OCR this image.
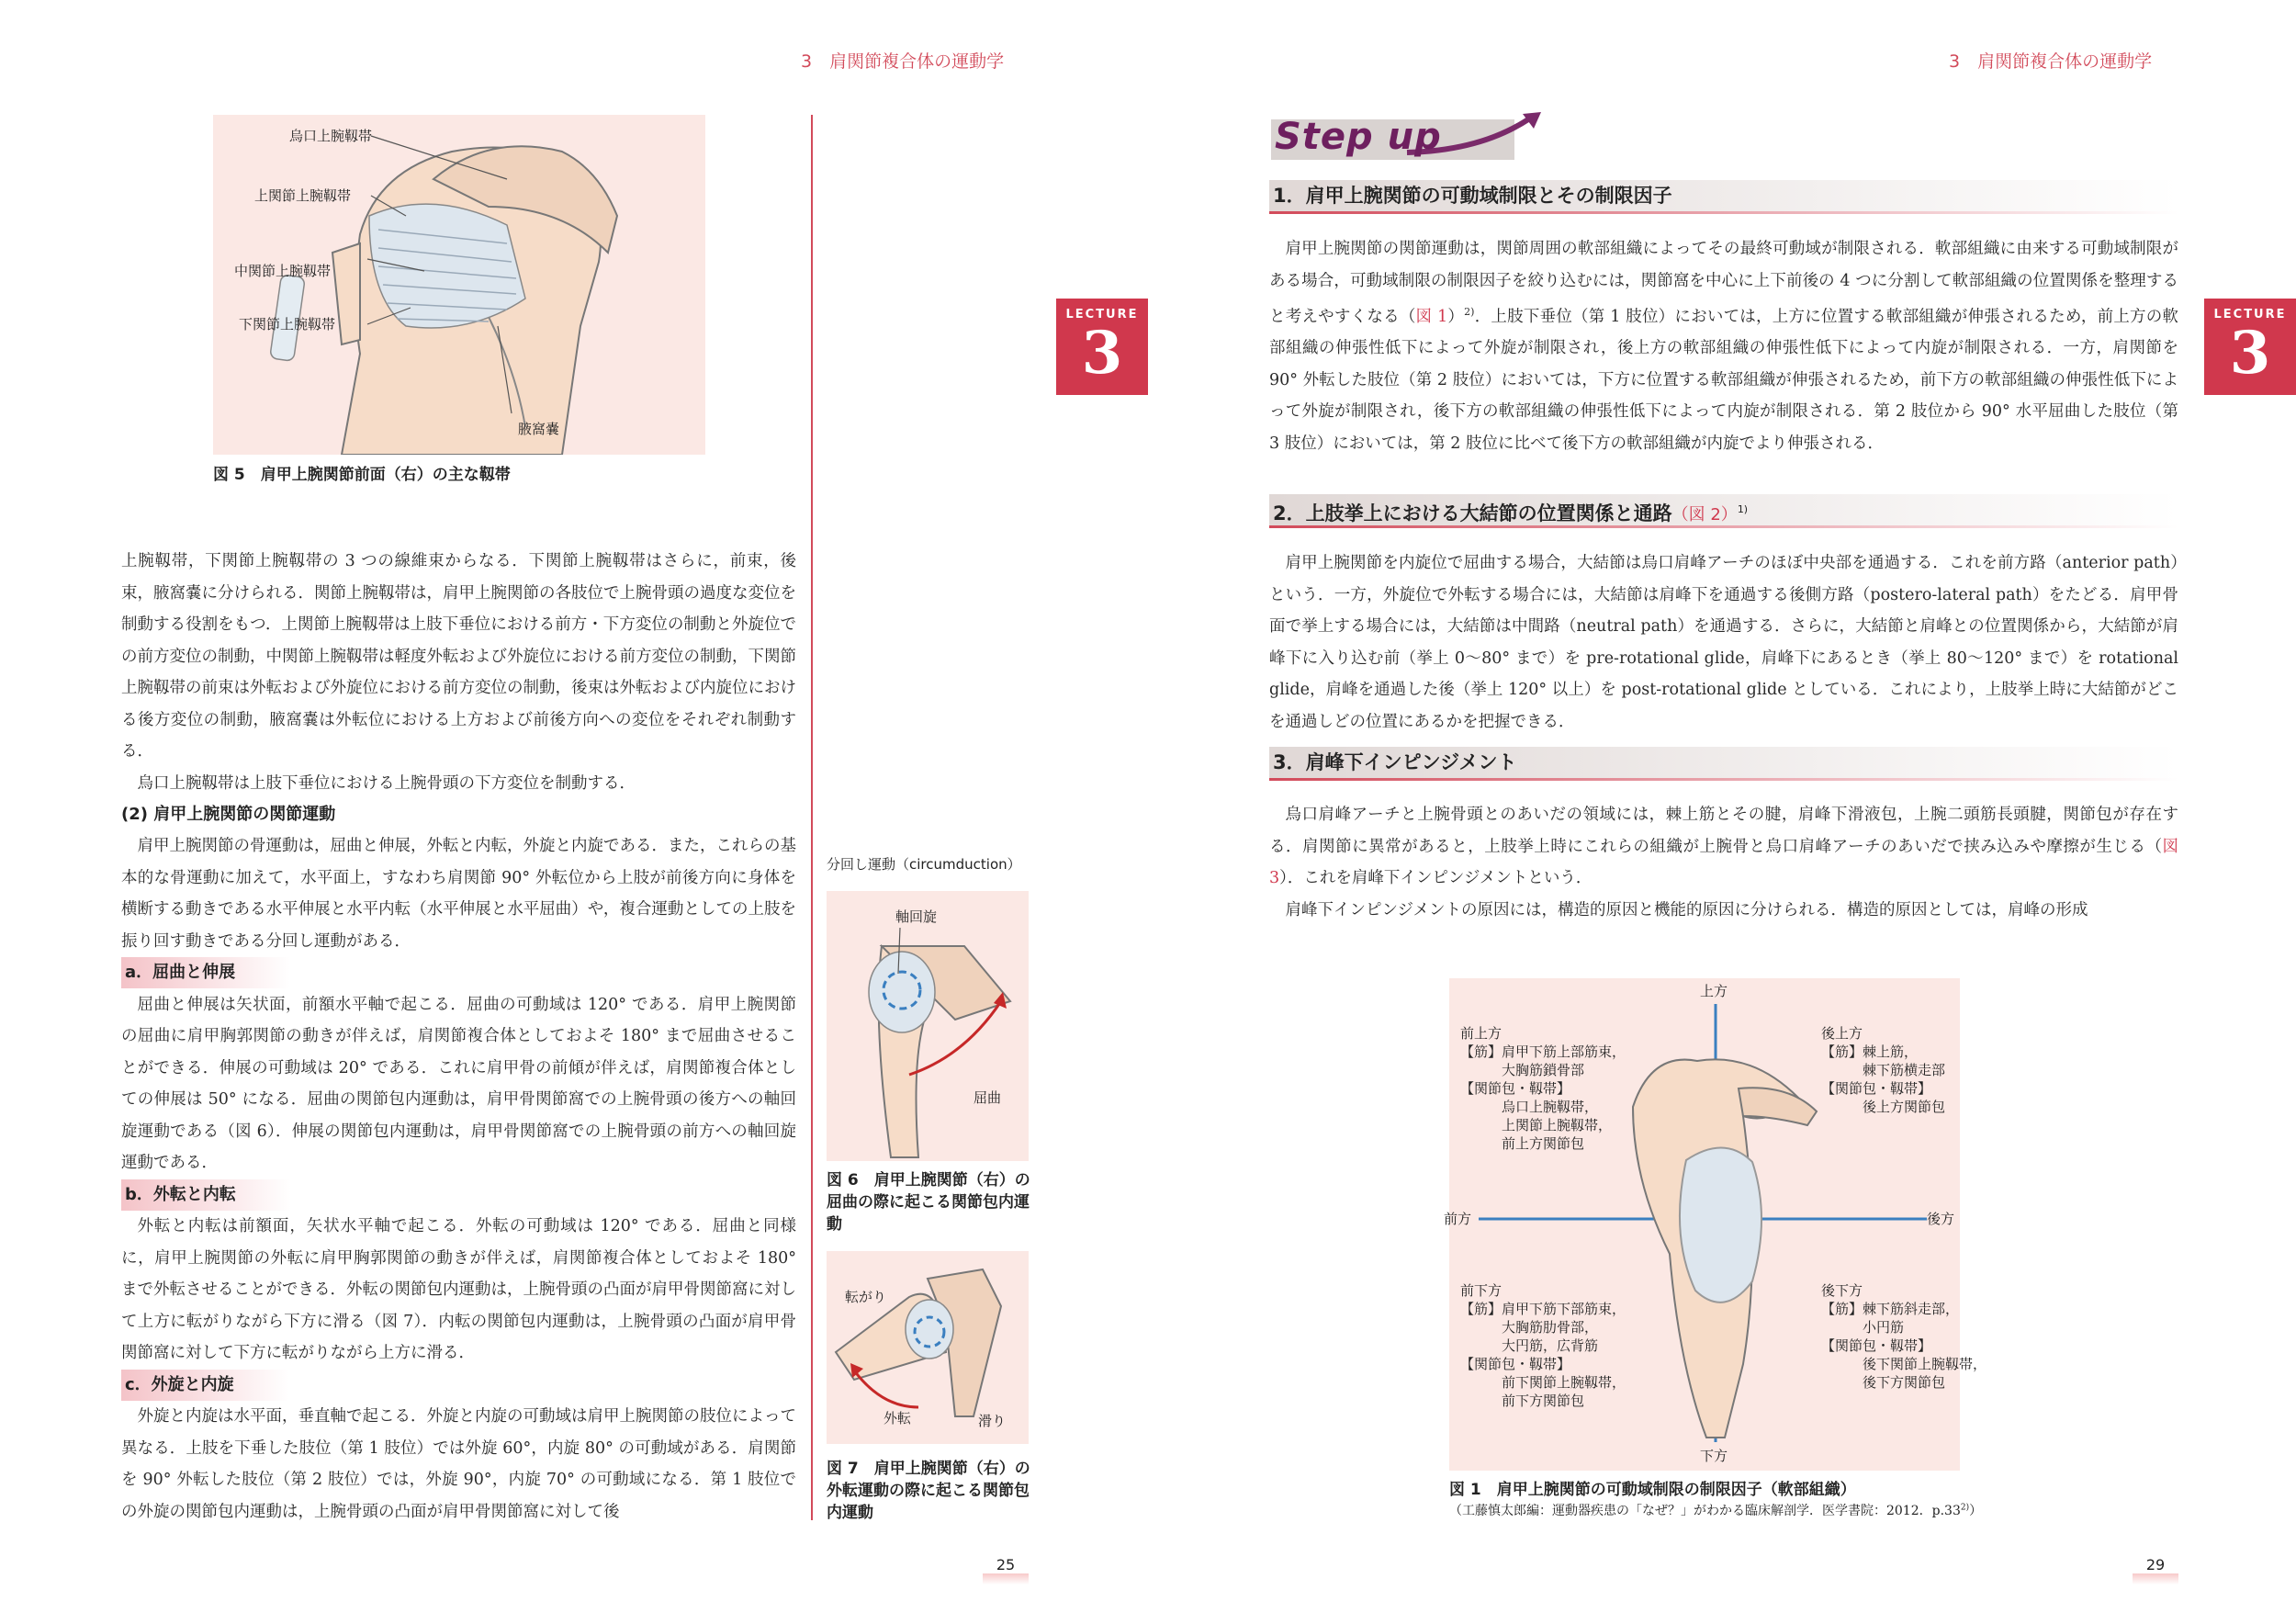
3　肩関節複合体の運動学
烏口上腕靱帯
上関節上腕靱帯
中関節上腕靱帯
下関節上腕靱帯
腋窩嚢
図 5　肩甲上腕関節前面（右）の主な靱帯

上腕靱帯，下関節上腕靱帯の 3 つの線維束からなる．下関節上腕靱帯はさらに，前束，後束，腋窩嚢に分けられる．関節上腕靱帯は，肩甲上腕関節の各肢位で上腕骨頭の過度な変位を制動する役割をもつ．上関節上腕靱帯は上肢下垂位における前方・下方変位の制動と外旋位での前方変位の制動，中関節上腕靱帯は軽度外転および外旋位における前方変位の制動，下関節上腕靱帯の前束は外転および外旋位における前方変位の制動，後束は外転および内旋位における後方変位の制動，腋窩嚢は外転位における上方および前後方向への変位をそれぞれ制動する．

烏口上腕靱帯は上肢下垂位における上腕骨頭の下方変位を制動する．

(2) 肩甲上腕関節の関節運動

肩甲上腕関節の骨運動は，屈曲と伸展，外転と内転，外旋と内旋である．また，これらの基本的な骨運動に加えて，水平面上，すなわち肩関節 90° 外転位から上肢が前後方向に身体を横断する動きである水平伸展と水平内転（水平伸展と水平屈曲）や，複合運動としての上肢を振り回す動きである分回し運動がある．

a．屈曲と伸展

屈曲と伸展は矢状面，前額水平軸で起こる．屈曲の可動域は 120° である．肩甲上腕関節の屈曲に肩甲胸郭関節の動きが伴えば，肩関節複合体としておよそ 180° まで屈曲させることができる．伸展の可動域は 20° である．これに肩甲骨の前傾が伴えば，肩関節複合体としての伸展は 50° になる．屈曲の関節包内運動は，肩甲骨関節窩での上腕骨頭の後方への軸回旋運動である（図 6）．伸展の関節包内運動は，肩甲骨関節窩での上腕骨頭の前方への軸回旋運動である．

b．外転と内転

外転と内転は前額面，矢状水平軸で起こる．外転の可動域は 120° である．屈曲と同様に，肩甲上腕関節の外転に肩甲胸郭関節の動きが伴えば，肩関節複合体としておよそ 180° まで外転させることができる．外転の関節包内運動は，上腕骨頭の凸面が肩甲骨関節窩に対して上方に転がりながら下方に滑る（図 7）．内転の関節包内運動は，上腕骨頭の凸面が肩甲骨関節窩に対して下方に転がりながら上方に滑る．

c．外旋と内旋

外旋と内旋は水平面，垂直軸で起こる．外旋と内旋の可動域は肩甲上腕関節の肢位によって異なる．上肢を下垂した肢位（第 1 肢位）では外旋 60°，内旋 80° の可動域がある．肩関節を 90° 外転した肢位（第 2 肢位）では，外旋 90°，内旋 70° の可動域になる．第 1 肢位での外旋の関節包内運動は，上腕骨頭の凸面が肩甲骨関節窩に対して後

分回し運動（circumduction）
軸回旋
屈曲
図 6　肩甲上腕関節（右）の屈曲の際に起こる関節包内運動
転がり
外転	滑り
図 7　肩甲上腕関節（右）の外転運動の際に起こる関節包内運動
LECTURE
3
25
3　肩関節複合体の運動学
Step up
1．肩甲上腕関節の可動域制限とその制限因子

肩甲上腕関節の関節運動は，関節周囲の軟部組織によってその最終可動域が制限される．軟部組織に由来する可動域制限がある場合，可動域制限の制限因子を絞り込むには，関節窩を中心に上下前後の 4 つに分割して軟部組織の位置関係を整理すると考えやすくなる（図 1）$^{2)}$．上肢下垂位（第 1 肢位）においては，上方に位置する軟部組織が伸張されるため，前上方の軟部組織の伸張性低下によって外旋が制限され，後上方の軟部組織の伸張性低下によって内旋が制限される．一方，肩関節を 90° 外転した肢位（第 2 肢位）においては，下方に位置する軟部組織が伸張されるため，前下方の軟部組織の伸張性低下によって外旋が制限され，後下方の軟部組織の伸張性低下によって内旋が制限される．第 2 肢位から 90° 水平屈曲した肢位（第 3 肢位）においては，第 2 肢位に比べて後下方の軟部組織が内旋でより伸張される．

2．上肢挙上における大結節の位置関係と通路（図 2）$^{1)}$

肩甲上腕関節を内旋位で屈曲する場合，大結節は烏口肩峰アーチのほぼ中央部を通過する．これを前方路（anterior path）という．一方，外旋位で外転する場合には，大結節は肩峰下を通過する後側方路（postero-lateral path）をたどる．肩甲骨面で挙上する場合には，大結節は中間路（neutral path）を通過する．さらに，大結節と肩峰との位置関係から，大結節が肩峰下に入り込む前（挙上 0～80° まで）を pre-rotational glide，肩峰下にあるとき（挙上 80～120° まで）を rotational glide，肩峰を通過した後（挙上 120° 以上）を post-rotational glide としている．これにより，上肢挙上時に大結節がどこを通過しどの位置にあるかを把握できる．

3．肩峰下インピンジメント

烏口肩峰アーチと上腕骨頭とのあいだの領域には，棘上筋とその腱，肩峰下滑液包，上腕二頭筋長頭腱，関節包が存在する．肩関節に異常があると，上肢挙上時にこれらの組織が上腕骨と烏口肩峰アーチのあいだで挟み込みや摩擦が生じる（図 3）．これを肩峰下インピンジメントという．

肩峰下インピンジメントの原因には，構造的原因と機能的原因に分けられる．構造的原因としては，肩峰の形成

上方
下方
前方	後方
前上方
【筋】肩甲下筋上部筋束，
　　　大胸筋鎖骨部
【関節包・靱帯】
　　　烏口上腕靱帯，
　　　上関節上腕靱帯，
　　　前上方関節包
後上方
【筋】棘上筋，
　　　棘下筋横走部
【関節包・靱帯】
　　　後上方関節包
前下方
【筋】肩甲下筋下部筋束，
　　　大胸筋肋骨部，
　　　大円筋，広背筋
【関節包・靱帯】
　　　前下関節上腕靱帯，
　　　前下方関節包
後下方
【筋】棘下筋斜走部，
　　　小円筋
【関節包・靱帯】
　　　後下関節上腕靱帯，
　　　後下方関節包
図 1　肩甲上腕関節の可動域制限の制限因子（軟部組織）
（工藤慎太郎編：運動器疾患の「なぜ？」がわかる臨床解剖学．医学書院：2012．p.33$^{2)}$）
LECTURE
3
29
